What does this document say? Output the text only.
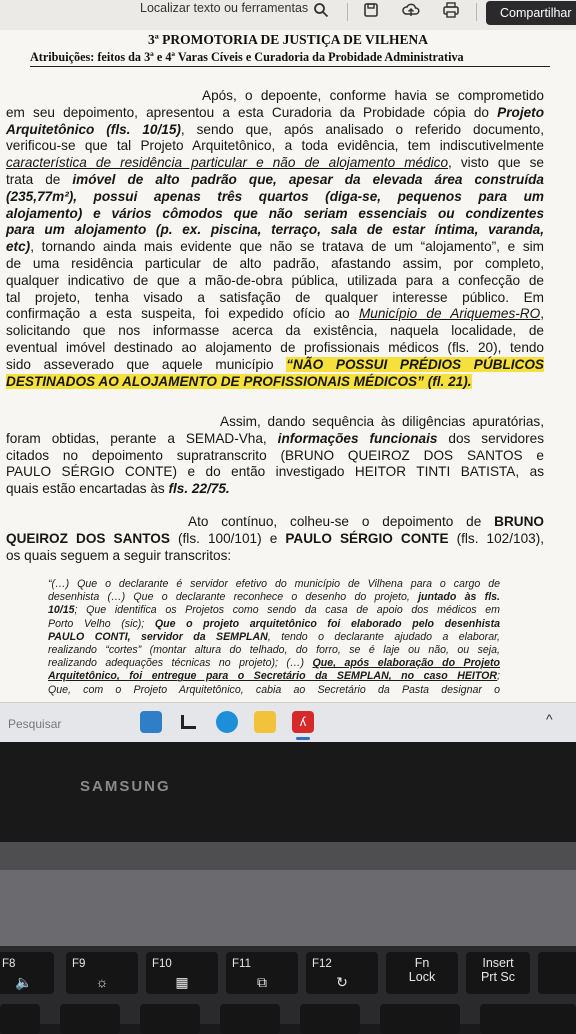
Localizar texto ou ferramentas	Compartilhar
3ª PROMOTORIA DE JUSTIÇA DE VILHENA
Atribuições: feitos da 3ª e 4ª Varas Cíveis e Curadoria da Probidade Administrativa
Após, o depoente, conforme havia se comprometido
em seu depoimento, apresentou a esta Curadoria da Probidade cópia do Projeto
Arquitetônico (fls. 10/15), sendo que, após analisado o referido documento,
verificou-se que tal Projeto Arquitetônico, a toda evidência, tem indiscutivelmente
característica de residência particular e não de alojamento médico, visto que se
trata de imóvel de alto padrão que, apesar da elevada área construída
(235,77m²), possui apenas três quartos (diga-se, pequenos para um
alojamento) e vários cômodos que não seriam essenciais ou condizentes
para um alojamento (p. ex. piscina, terraço, sala de estar íntima, varanda,
etc), tornando ainda mais evidente que não se tratava de um “alojamento”, e sim
de uma residência particular de alto padrão, afastando assim, por completo,
qualquer indicativo de que a mão-de-obra pública, utilizada para a confecção de
tal projeto, tenha visado a satisfação de qualquer interesse público. Em
confirmação a esta suspeita, foi expedido ofício ao Município de Ariquemes-RO,
solicitando que nos informasse acerca da existência, naquela localidade, de
eventual imóvel destinado ao alojamento de profissionais médicos (fls. 20), tendo
sido asseverado que aquele município “NÃO POSSUI PRÉDIOS PÚBLICOS
DESTINADOS AO ALOJAMENTO DE PROFISSIONAIS MÉDICOS” (fl. 21).
Assim, dando sequência às diligências apuratórias,
foram obtidas, perante a SEMAD-Vha, informações funcionais dos servidores
citados no depoimento supratranscrito (BRUNO QUEIROZ DOS SANTOS e
PAULO SÉRGIO CONTE) e do então investigado HEITOR TINTI BATISTA, as
quais estão encartadas às fls. 22/75.
Ato contínuo, colheu-se o depoimento de BRUNO
QUEIROZ DOS SANTOS (fls. 100/101) e PAULO SÉRGIO CONTE (fls. 102/103),
os quais seguem a seguir transcritos:
“(…) Que o declarante é servidor efetivo do município de Vilhena para o cargo de
desenhista (…) Que o declarante reconhece o desenho do projeto, juntado às fls.
10/15; Que identifica os Projetos como sendo da casa de apoio dos médicos em
Porto Velho (sic); Que o projeto arquitetônico foi elaborado pelo desenhista
PAULO CONTI, servidor da SEMPLAN, tendo o declarante ajudado a elaborar,
realizando “cortes” (montar altura do telhado, do forro, se é laje ou não, ou seja,
realizando adequações técnicas no projeto); (…) Que, após elaboração do Projeto
Arquitetônico, foi entregue para o Secretário da SEMPLAN, no caso HEITOR;
Que, com o Projeto Arquitetônico, cabia ao Secretário da Pasta designar o
Pesquisar	ʎ	^
SAMSUNG
F8
🔈
F9
☼
F10
▦
F11
⧉
F12
↻
Fn Lock
Insert Prt Sc
